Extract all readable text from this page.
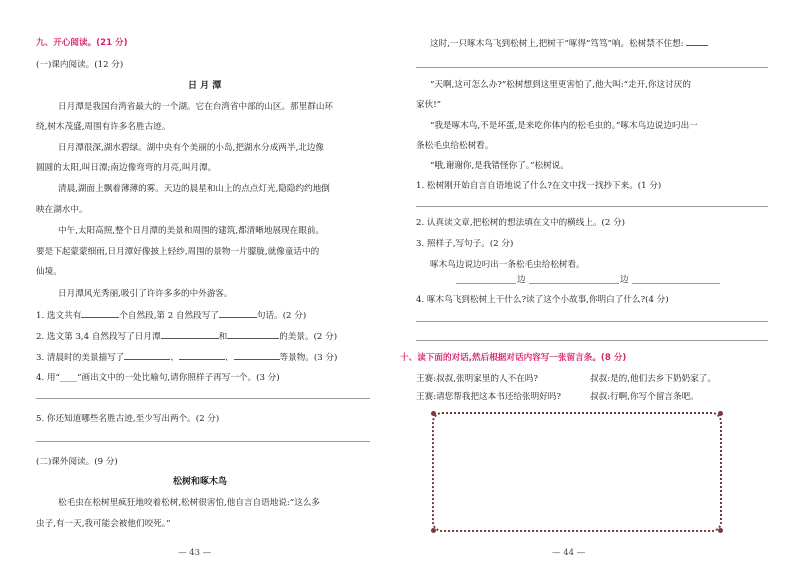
九、开心阅读。(21 分)
(一)课内阅读。(12 分)
日 月 潭
日月潭是我国台湾省最大的一个湖。它在台湾省中部的山区。那里群山环
绕,树木茂盛,周围有许多名胜古迹。
日月潭很深,湖水碧绿。湖中央有个美丽的小岛,把湖水分成两半,北边像
圆圆的太阳,叫日潭;南边像弯弯的月亮,叫月潭。
清晨,湖面上飘着薄薄的雾。天边的晨星和山上的点点灯光,隐隐约约地倒
映在湖水中。
中午,太阳高照,整个日月潭的美景和周围的建筑,都清晰地展现在眼前。
要是下起蒙蒙细雨,日月潭好像披上轻纱,周围的景物一片朦胧,就像童话中的
仙境。
日月潭风光秀丽,吸引了许许多多的中外游客。
1. 选文共有	个自然段,第 2 自然段写了	句话。(2 分)
2. 选文第 3,4 自然段写了日月潭	和	的美景。(2 分)
3. 清晨时的美景描写了	、	、	等景物。(3 分)
4. 用“____”画出文中的一处比喻句,请你照样子再写一个。(3 分)
5. 你还知道哪些名胜古迹,至少写出两个。(2 分)
(二)课外阅读。(9 分)
松树和啄木鸟
松毛虫在松树里疯狂地咬着松树,松树很害怕,他自言自语地说:“这么多
虫子,有一天,我可能会被他们咬死。”
— 43 —
这时,一只啄木鸟飞到松树上,把树干“啄得”笃笃”响。松树禁不住想:
“天啊,这可怎么办?”松树想到这里更害怕了,他大叫:“走开,你这讨厌的
家伙!”
“我是啄木鸟,不是坏蛋,是来吃你体内的松毛虫的。”啄木鸟边说边叼出一
条松毛虫给松树看。
“哦,谢谢你,是我错怪你了。”松树说。
1. 松树刚开始自言自语地说了什么?在文中找一找抄下来。(1 分)
2. 认真读文章,把松树的想法填在文中的横线上。(2 分)
3. 照样子,写句子。(2 分)
啄木鸟边说边叼出一条松毛虫给松树看。
边	边
4. 啄木鸟飞到松树上干什么?读了这个小故事,你明白了什么?(4 分)
十、读下面的对话,然后根据对话内容写一张留言条。(8 分)
王赛:叔叔,张明家里的人不在吗?	叔叔:是的,他们去乡下奶奶家了。
王赛:请您帮我把这本书还给张明好吗?	叔叔:行啊,你写个留言条吧。
— 44 —
